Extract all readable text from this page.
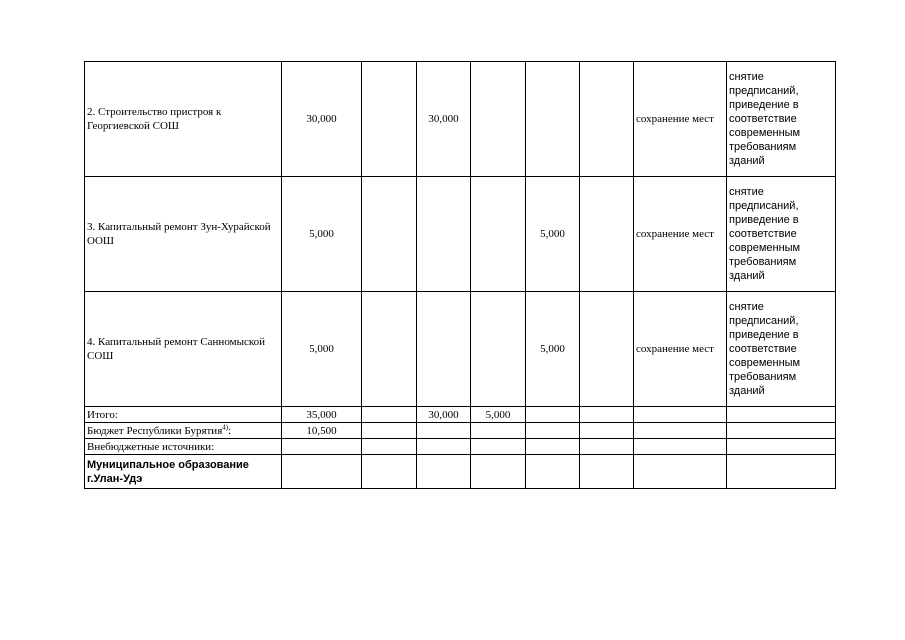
2. Строительство пристроя к Георгиевской СОШ	30,000		30,000				сохранение мест	снятие предписаний, приведение в соответствие современным требованиям зданий
3. Капитальный ремонт Зун-Хурайской ООШ	5,000				5,000		сохранение мест	снятие предписаний, приведение в соответствие современным требованиям зданий
4. Капитальный ремонт Санномыской СОШ	5,000				5,000		сохранение мест	снятие предписаний, приведение в соответствие современным требованиям зданий
Итого:	35,000		30,000	5,000				
Бюджет Республики Бурятия$^{4)}$:	10,500							
Внебюджетные источники:								
Муниципальное образование г.Улан-Удэ								
